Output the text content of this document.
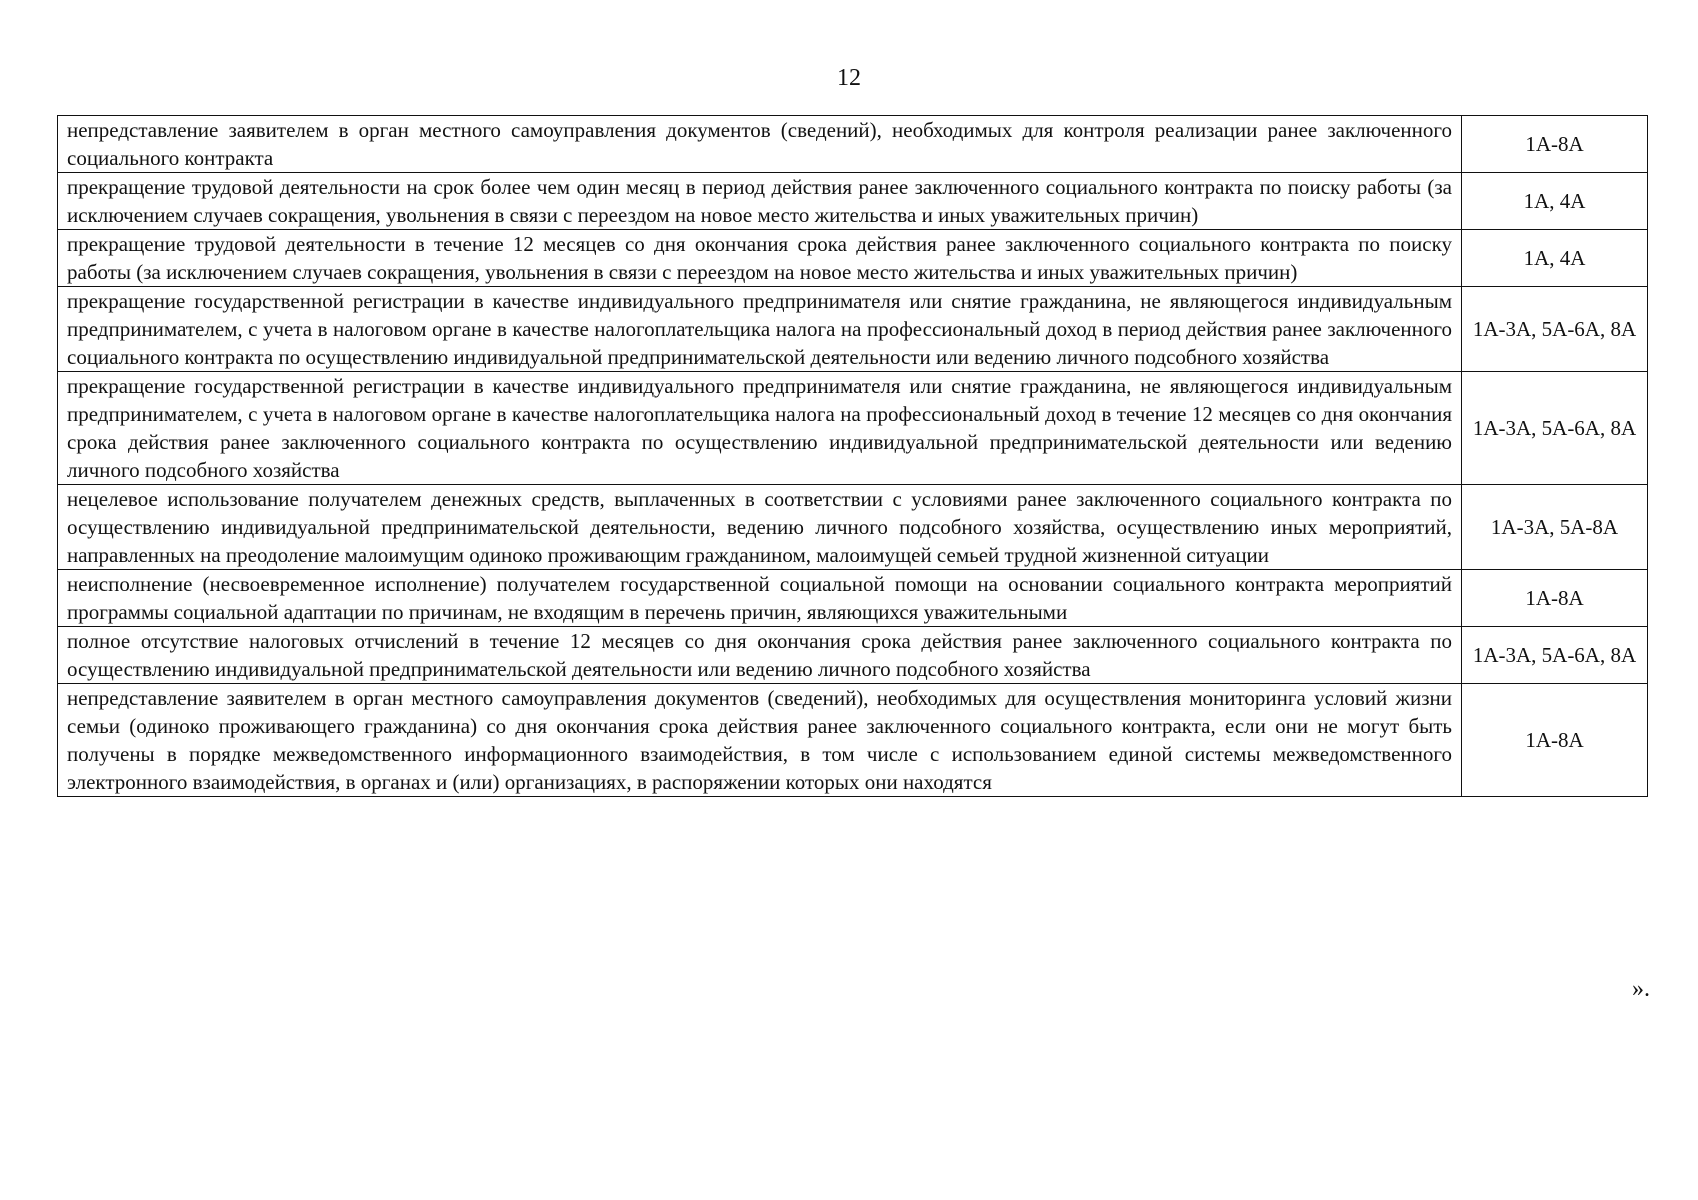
12
непредставление заявителем в орган местного самоуправления документов (сведений), необходимых для контроля реализации ранее заключенного социального контракта	1А-8А
прекращение трудовой деятельности на срок более чем один месяц в период действия ранее заключенного социального контракта по поиску работы (за исключением случаев сокращения, увольнения в связи с переездом на новое место жительства и иных уважительных причин)	1А, 4А
прекращение трудовой деятельности в течение 12 месяцев со дня окончания срока действия ранее заключенного социального контракта по поиску работы (за исключением случаев сокращения, увольнения в связи с переездом на новое место жительства и иных уважительных причин)	1А, 4А
прекращение государственной регистрации в качестве индивидуального предпринимателя или снятие гражданина, не являющегося индивидуальным предпринимателем, с учета в налоговом органе в качестве налогоплательщика налога на профессиональный доход в период действия ранее заключенного социального контракта по осуществлению индивидуальной предпринимательской деятельности или ведению личного подсобного хозяйства	1А-3А, 5А-6А, 8А
прекращение государственной регистрации в качестве индивидуального предпринимателя или снятие гражданина, не являющегося индивидуальным предпринимателем, с учета в налоговом органе в качестве налогоплательщика налога на профессиональный доход в течение 12 месяцев со дня окончания срока действия ранее заключенного социального контракта по осуществлению индивидуальной предпринимательской деятельности или ведению личного подсобного хозяйства	1А-3А, 5А-6А, 8А
нецелевое использование получателем денежных средств, выплаченных в соответствии с условиями ранее заключенного социального контракта по осуществлению индивидуальной предпринимательской деятельности, ведению личного подсобного хозяйства, осуществлению иных мероприятий, направленных на преодоление малоимущим одиноко проживающим гражданином, малоимущей семьей трудной жизненной ситуации	1А-3А, 5А-8А
неисполнение (несвоевременное исполнение) получателем государственной социальной помощи на основании социального контракта мероприятий программы социальной адаптации по причинам, не входящим в перечень причин, являющихся уважительными	1А-8А
полное отсутствие налоговых отчислений в течение 12 месяцев со дня окончания срока действия ранее заключенного социального контракта по осуществлению индивидуальной предпринимательской деятельности или ведению личного подсобного хозяйства	1А-3А, 5А-6А, 8А
непредставление заявителем в орган местного самоуправления документов (сведений), необходимых для осуществления мониторинга условий жизни семьи (одиноко проживающего гражданина) со дня окончания срока действия ранее заключенного социального контракта, если они не могут быть получены в порядке межведомственного информационного взаимодействия, в том числе с использованием единой системы межведомственного электронного взаимодействия, в органах и (или) организациях, в распоряжении которых они находятся	1А-8А
».
